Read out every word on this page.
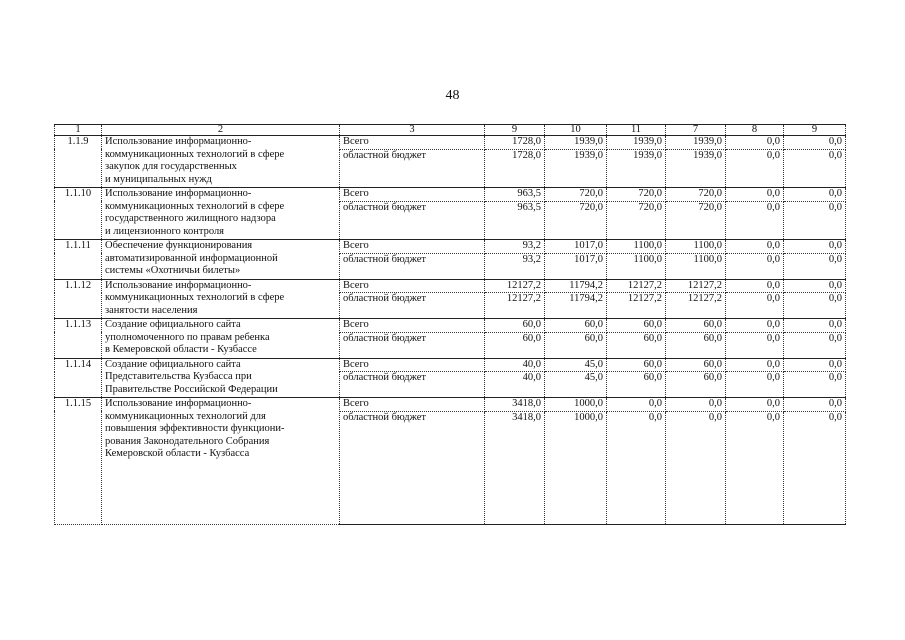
48
1	2	3	9	10	11	7	8	9
1.1.9	Использование информационно-
коммуникационных технологий в сфере
закупок для государственных
и муниципальных нужд	Всего	1728,0	1939,0	1939,0	1939,0	0,0	0,0
		областной бюджет	1728,0	1939,0	1939,0	1939,0	0,0	0,0
1.1.10	Использование информационно-
коммуникационных технологий в сфере
государственного жилищного надзора
и лицензионного контроля	Всего	963,5	720,0	720,0	720,0	0,0	0,0
		областной бюджет	963,5	720,0	720,0	720,0	0,0	0,0
1.1.11	Обеспечение функционирования
автоматизированной информационной
системы «Охотничьи билеты»	Всего	93,2	1017,0	1100,0	1100,0	0,0	0,0
		областной бюджет	93,2	1017,0	1100,0	1100,0	0,0	0,0
1.1.12	Использование информационно-
коммуникационных технологий в сфере
занятости населения	Всего	12127,2	11794,2	12127,2	12127,2	0,0	0,0
		областной бюджет	12127,2	11794,2	12127,2	12127,2	0,0	0,0
1.1.13	Создание официального сайта
уполномоченного по правам ребенка
в Кемеровской области - Кузбассе	Всего	60,0	60,0	60,0	60,0	0,0	0,0
		областной бюджет	60,0	60,0	60,0	60,0	0,0	0,0
1.1.14	Создание официального сайта
Представительства Кузбасса при
Правительстве Российской Федерации	Всего	40,0	45,0	60,0	60,0	0,0	0,0
		областной бюджет	40,0	45,0	60,0	60,0	0,0	0,0
1.1.15	Использование информационно-
коммуникационных технологий для
повышения эффективности функциони-
рования Законодательного Собрания
Кемеровской области - Кузбасса	Всего	3418,0	1000,0	0,0	0,0	0,0	0,0
		областной бюджет	3418,0	1000,0	0,0	0,0	0,0	0,0
